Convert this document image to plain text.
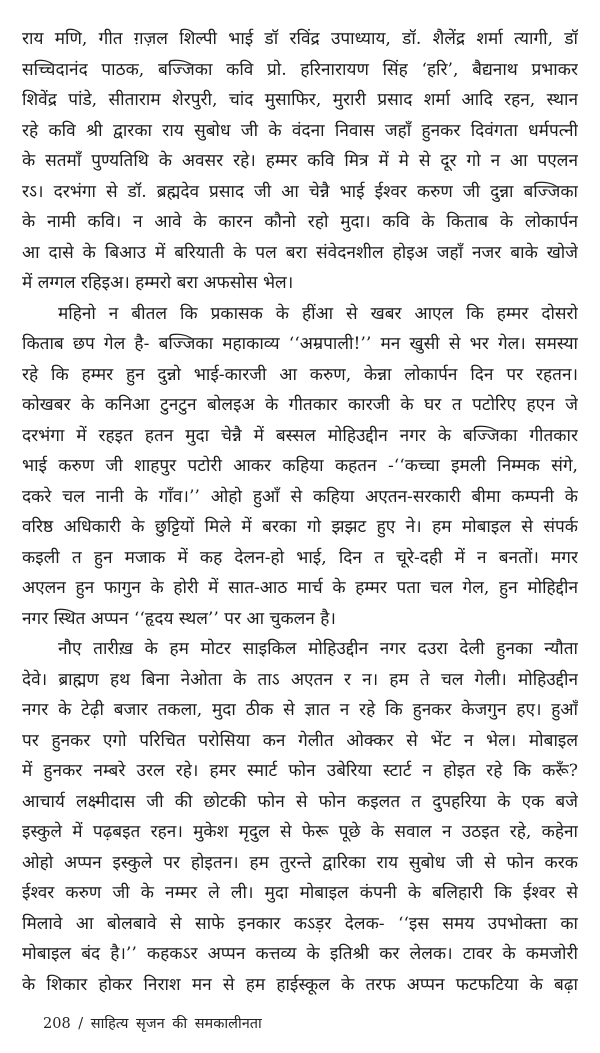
राय मणि, गीत ग़ज़ल शिल्पी भाई डॉ रविंद्र उपाध्याय, डॉ. शैलेंद्र शर्मा त्यागी, डॉ
सच्चिदानंद पाठक, बज्जिका कवि प्रो. हरिनारायण सिंह ‘हरि’, बैद्यनाथ प्रभाकर
शिवेंद्र पांडे, सीताराम शेरपुरी, चांद मुसाफिर, मुरारी प्रसाद शर्मा आदि रहन, स्थान
रहे कवि श्री द्वारका राय सुबोध जी के वंदना निवास जहाँ हुनकर दिवंगता धर्मपत्नी
के सतमाँ पुण्यतिथि के अवसर रहे। हम्मर कवि मित्र में मे से दूर गो न आ पएलन
रऽ। दरभंगा से डॉ. ब्रह्मदेव प्रसाद जी आ चेन्नै भाई ईश्वर करुण जी दुन्ना बज्जिका
के नामी कवि। न आवे के कारन कौनो रहो मुदा। कवि के किताब के लोकार्पन
आ दासे के बिआउ में बरियाती के पल बरा संवेदनशील होइअ जहाँ नजर बाके खोजे
में लग्गल रहिइअ। हम्मरो बरा अफसोस भेल।
महिनो न बीतल कि प्रकासक के हींआ से खबर आएल कि हम्मर दोसरो
किताब छप गेल है- बज्जिका महाकाव्य ‘‘अम्रपाली!’’ मन खुसी से भर गेल। समस्या
रहे कि हम्मर हुन दुन्नो भाई-कारजी आ करुण, केन्ना लोकार्पन दिन पर रहतन।
कोखबर के कनिआ टुनटुन बोलइअ के गीतकार कारजी के घर त पटोरिए हएन जे
दरभंगा में रहइत हतन मुदा चेन्नै में बस्सल मोहिउद्दीन नगर के बज्जिका गीतकार
भाई करुण जी शाहपुर पटोरी आकर कहिया कहतन -‘‘कच्चा इमली निम्मक संगे,
दकरे चल नानी के गाँव।’’ ओहो हुआँ से कहिया अएतन-सरकारी बीमा कम्पनी के
वरिष्ठ अधिकारी के छुट्टियों मिले में बरका गो झझट हुए ने। हम मोबाइल से संपर्क
कइली त हुन मजाक में कह देलन-हो भाई, दिन त चूरे-दही में न बनतों। मगर
अएलन हुन फागुन के होरी में सात-आठ मार्च के हम्मर पता चल गेल, हुन मोहिद्दीन
नगर स्थित अप्पन ‘‘हृदय स्थल’’ पर आ चुकलन है।
नौए तारीख़ के हम मोटर साइकिल मोहिउद्दीन नगर दउरा देली हुनका न्यौता
देवे। ब्राह्मण हथ बिना नेओता के ताऽ अएतन र न। हम ते चल गेली। मोहिउद्दीन
नगर के टेढ़ी बजार तकला, मुदा ठीक से ज्ञात न रहे कि हुनकर केजगुन हए। हुआँ
पर हुनकर एगो परिचित परोसिया कन गेलीत ओक्कर से भेंट न भेल। मोबाइल
में हुनकर नम्बरे उरल रहे। हमर स्मार्ट फोन उबेरिया स्टार्ट न होइत रहे कि करूँ?
आचार्य लक्ष्मीदास जी की छोटकी फोन से फोन कइलत त दुपहरिया के एक बजे
इस्कुले में पढ़बइत रहन। मुकेश मृदुल से फेरू पूछे के सवाल न उठइत रहे, कहेना
ओहो अप्पन इस्कुले पर होइतन। हम तुरन्ते द्वारिका राय सुबोध जी से फोन करक
ईश्वर करुण जी के नम्मर ले ली। मुदा मोबाइल कंपनी के बलिहारी कि ईश्वर से
मिलावे आ बोलबावे से साफे इनकार कऽड़र देलक- ‘‘इस समय उपभोक्ता का
मोबाइल बंद है।’’ कहकऽर अप्पन कत्तव्य के इतिश्री कर लेलक। टावर के कमजोरी
के शिकार होकर निराश मन से हम हाईस्कूल के तरफ अप्पन फटफटिया के बढ़ा
208 / साहित्य सृजन की समकालीनता
